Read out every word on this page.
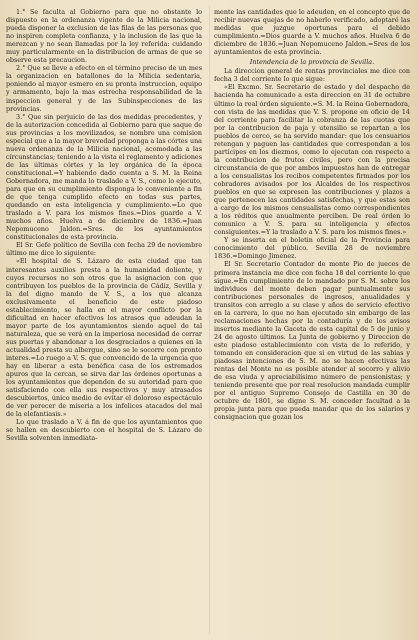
1.° Se faculta al Gobierno para que no obstante lo dispuesto en la ordenanza vigente de la Milicia nacional, pueda disponer la exclusion de las filas de las personas que no inspiren completa confianza, y la inclusion de las que la merezcan y no sean llamadas por la ley referida: cuidando muy particularmente en la distribucion de armas de que se observe esta precaucion.

2.° Que se lleve a efecto en el término preciso de un mes la organizacion en batallones de la Milicia sedentaria, poniendo al mayor esmero en su pronta instruccion, equipo y armamento, bajo la mas estrecha responsabilidad de la inspeccion general y de las Subinspecciones de las provincias.

3.° Que sin perjuicio de las dos medidas precedentes, y de la autorizacion concedida al Gobierno para que saque de sus provincias a los movilizados, se nombre una comision especial que a la mayor brevedad proponga a las córtes una nueva ordenanza de la Milicia nacional, acomodada a las circunstancias; teniendo a la vista el reglamento y adiciones de las últimas córtes y la ley orgánica de la época constitucional.=Y habiendo dado cuenta a S. M. la Reina Gobernadora, me manda lo traslade a V. S., como lo ejecuto, para que en su cumplimiento disponga lo conveniente a fin de que tenga cumplido efecto en todas sus partes, quedando en esta inteligencia y cumplimiento.=Lo que traslado a V. para los mismos fines.=Dios guarde a V. muchos años. Huelva a de diciembre de 1836.=Juan Nepomuceno Jaldon.=Sres. de los ayuntamientos constitucionales de esta provincia.

El Sr. Gefe político de Sevilla con fecha 29 de noviembre último me dice lo siguiente:

«El hospital de S. Lázaro de esta ciudad que tan interesantes auxilios presta a la humanidad doliente, y cuyos recursos no son otros que la asignacion con que contribuyen los pueblos de la provincia de Cádiz, Sevilla y la del digno mando de V. S., a los que alcanza exclusivamente el beneficio de este piadoso establecimiento, se halla en el mayor conflicto por la dificultad en hacer efectivos los atrasos que adeudan la mayor parte de los ayuntamientos siendo aquel de tal naturaleza, que se verá en la imperiosa necesidad de cerrar sus puertas y abandonar a los desgraciados a quienes en la actualidad presta su albergue, sino se le socorre con pronto interes.=Lo ruego a V. S. que convencido de la urgencia que hay en liberar a esta benéfica casa de los estremados apuros que la cercan, se sirva dar las órdenes oportunas a los ayuntamientos que dependen de su autoridad para que satisfaciendo con ella sus respectivos y muy atrasados descubiertos, único medio de evitar el doloroso espectáculo de ver perecer de miseria a los infelices atacados del mal de la elefantiasis.»

Lo que traslado a V. á fin de que los ayuntamientos que se hallen en descubierto con el hospital de S. Lázaro de Sevilla solventen inmediata-

mente las cantidades que le adeuden, en el concepto que de recibir nuevas quejas de no haberlo verificado, adoptaré las medidas que juzgue oportunas para el debido cumplimiento.=Dios guarde a V. muchos años. Huelva 6 de diciembre de 1836.=Juan Nepomuceno Jaldon.=Sres de los ayuntamientos de esta provincia.

Intendencia de la provincia de Sevilla.

La direccion general de rentas provinciales me dice con fecha 3 del corriente lo que sigue:

«El Excmo. Sr. Secretario de estado y del despacho de hacienda ha comunicado a esta direccion en 31 de octubre último la real órden siguiente.=S. M. la Reina Gobernadora, con vista de las medidas que V. S. propone en oficio de 14 del corriente para facilitar la cobranza de las cuotas que por la contribucion de paja y utensilio se repartan a los pueblos de cerco, se ha servido mandar: que los censuarios retengan y paguen las cantidades que correspondan a los partícipes en los diezmos, como lo ejecutan con respecto a la contribucion de frutos civiles, pero con la precisa circunstancia de que por ambos impuestos han de entregar a los censualistas los recibos competentes firmados por los cobradores avisados por los Alcaldes de los respectivos pueblos en que se expresen las contribuciones y plazos a que pertenecen las cantidades satisfechas, y que estas son a cargo de los mismos censualistas como correspondientes a los réditos que anualmente perciben. De real órden lo comunico a V. S. para su inteligencia y efectos consiguientes.=Y la traslado a V. S. para los mismos fines.»

Y se inserta en el boletin oficial de la Provincia para conocimiento del público. Sevilla 28 de noviembre 1836.=Domingo Jimenez.

El Sr. Secretario Contador de monte Pio de jueces de primera instancia me dice con fecha 18 del corriente lo que sigue.=En cumplimiento de lo mandado por S. M. sobre los individuos del monte deben pagar puntualmente sus contribuciones personales de ingresos, anualidades y transitos con arreglo a su clase y años de servicio efectivo en la carrera, lo que no han ejecutado sin embargo de las reclamaciones hechas por la contaduría y de los avisos insertos mediante la Gaceta de esta capital de 5 de junio y 24 de agosto últimos. La Junta de gobierno y Direccion de este piadoso establecimiento con vista de lo referido, y tomando en consideracion que si en virtud de las sabias y piadosas intenciones de S. M. no se hacen efectivas las rentas del Monte no es posible atender al socorro y alivio de esa viuda y apreciabilísimo número de pensionistas; y teniendo presente que por real resolucion mandada cumplir por el antiguo Supremo Consejo de Castilla en 30 de octubre de 1801, se digne S. M. conceder facultad a la propia junta para que pueda mandar que de los salarios y consignacion que gozan los
